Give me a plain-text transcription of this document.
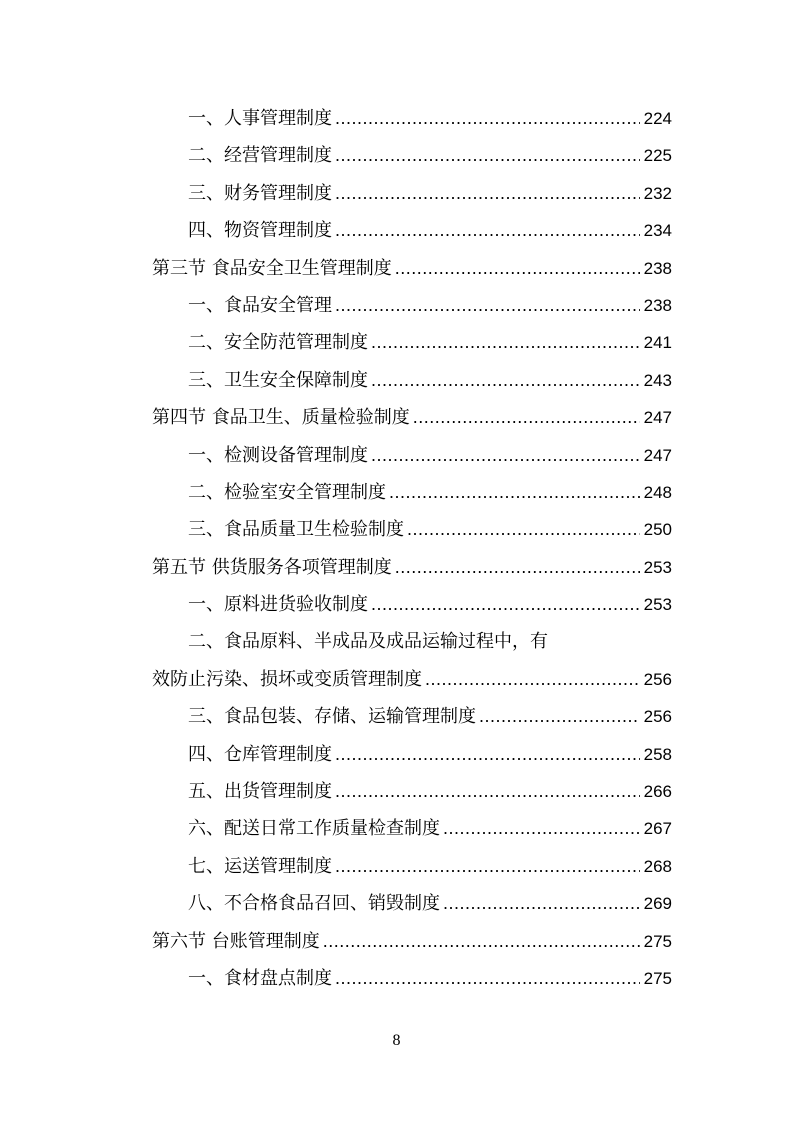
一、人事管理制度 .....	224
二、经营管理制度 .....	225
三、财务管理制度 .....	232
四、物资管理制度 .....	234
第三节 食品安全卫生管理制度 .....	238
一、食品安全管理 .....	238
二、安全防范管理制度 .....	241
三、卫生安全保障制度 .....	243
第四节 食品卫生、质量检验制度 .....	247
一、检测设备管理制度 .....	247
二、检验室安全管理制度 .....	248
三、食品质量卫生检验制度 .....	250
第五节 供货服务各项管理制度 .....	253
一、原料进货验收制度 .....	253
二、食品原料、半成品及成品运输过程中，有
效防止污染、损坏或变质管理制度 .....	256
三、食品包装、存储、运输管理制度 .....	256
四、仓库管理制度 .....	258
五、出货管理制度 .....	266
六、配送日常工作质量检查制度 .....	267
七、运送管理制度 .....	268
八、不合格食品召回、销毁制度 .....	269
第六节 台账管理制度 .....	275
一、食材盘点制度 .....	275
8
